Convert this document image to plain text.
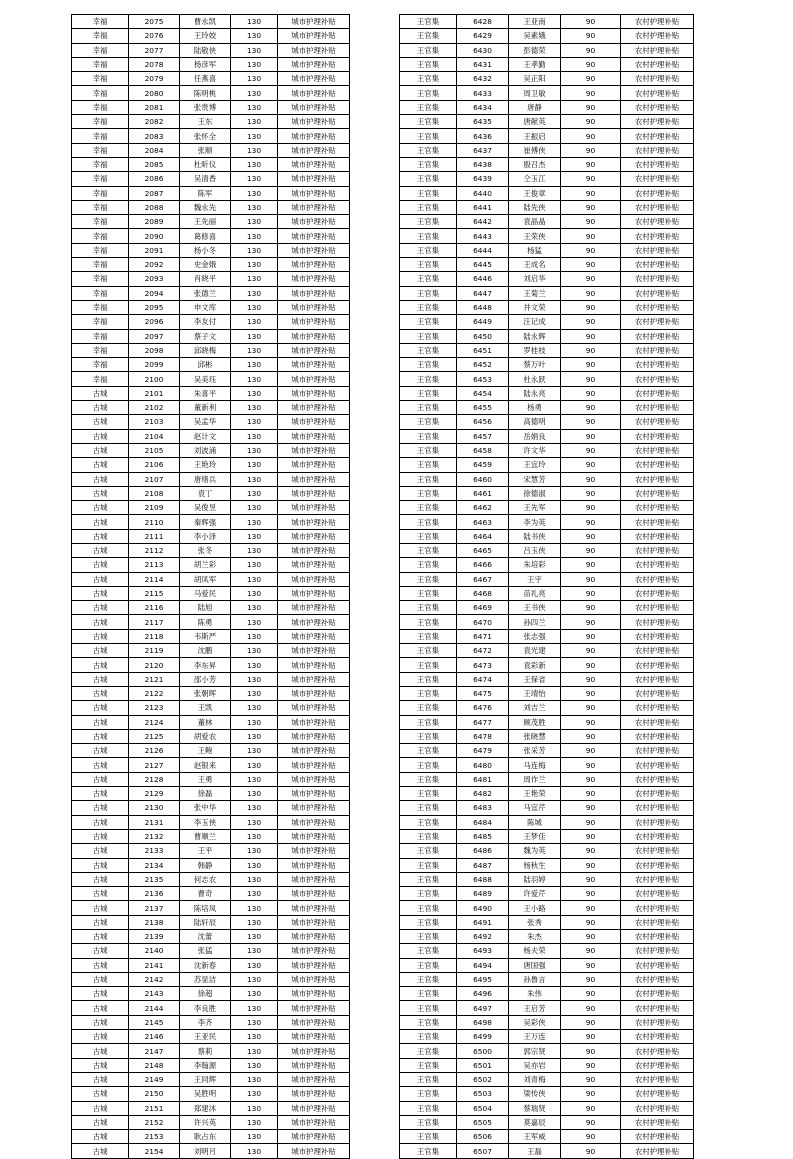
幸福	2075	曹永凯	130	城市护理补贴
幸福	2076	王玲姣	130	城市护理补贴
幸福	2077	陆敬侠	130	城市护理补贴
幸福	2078	杨彦军	130	城市护理补贴
幸福	2079	任燕喜	130	城市护理补贴
幸福	2080	陈明桃	130	城市护理补贴
幸福	2081	张贵博	130	城市护理补贴
幸福	2082	王东	130	城市护理补贴
幸福	2083	张怀全	130	城市护理补贴
幸福	2084	张顺	130	城市护理补贴
幸福	2085	杜昕仪	130	城市护理补贴
幸福	2086	吴清香	130	城市护理补贴
幸福	2087	陈军	130	城市护理补贴
幸福	2088	魏永先	130	城市护理补贴
幸福	2089	王先丽	130	城市护理补贴
幸福	2090	葛修喜	130	城市护理补贴
幸福	2091	杨小冬	130	城市护理补贴
幸福	2092	史金娥	130	城市护理补贴
幸福	2093	肖晓平	130	城市护理补贴
幸福	2094	张德兰	130	城市护理补贴
幸福	2095	申文库	130	城市护理补贴
幸福	2096	李友付	130	城市护理补贴
幸福	2097	蔡子文	130	城市护理补贴
幸福	2098	邱晓梅	130	城市护理补贴
幸福	2099	邱彬	130	城市护理补贴
幸福	2100	吴美珏	130	城市护理补贴
古城	2101	朱喜平	130	城市护理补贴
古城	2102	董新利	130	城市护理补贴
古城	2103	吴孟华	130	城市护理补贴
古城	2104	赵计文	130	城市护理补贴
古城	2105	刘波涌	130	城市护理补贴
古城	2106	王艳玲	130	城市护理补贴
古城	2107	唐绪兵	130	城市护理补贴
古城	2108	袁丁	130	城市护理补贴
古城	2109	吴俊昱	130	城市护理补贴
古城	2110	秦辉强	130	城市护理补贴
古城	2111	李小泽	130	城市护理补贴
古城	2112	张冬	130	城市护理补贴
古城	2113	胡兰彩	130	城市护理补贴
古城	2114	胡凤军	130	城市护理补贴
古城	2115	马爱民	130	城市护理补贴
古城	2116	陆旭	130	城市护理补贴
古城	2117	陈勇	130	城市护理补贴
古城	2118	韦斯严	130	城市护理补贴
古城	2119	沈鹏	130	城市护理补贴
古城	2120	李东昇	130	城市护理补贴
古城	2121	邵小芳	130	城市护理补贴
古城	2122	张朝晖	130	城市护理补贴
古城	2123	王凯	130	城市护理补贴
古城	2124	董林	130	城市护理补贴
古城	2125	胡爱农	130	城市护理补贴
古城	2126	王鲍	130	城市护理补贴
古城	2127	赵银来	130	城市护理补贴
古城	2128	王勇	130	城市护理补贴
古城	2129	徐磊	130	城市护理补贴
古城	2130	张中华	130	城市护理补贴
古城	2131	李玉侠	130	城市护理补贴
古城	2132	曹顺兰	130	城市护理补贴
古城	2133	王平	130	城市护理补贴
古城	2134	韩静	130	城市护理补贴
古城	2135	何志农	130	城市护理补贴
古城	2136	曹奇	130	城市护理补贴
古城	2137	陈培凤	130	城市护理补贴
古城	2138	陆轩辰	130	城市护理补贴
古城	2139	沈蕾	130	城市护理补贴
古城	2140	张猛	130	城市护理补贴
古城	2141	沈新春	130	城市护理补贴
古城	2142	苏显洁	130	城市护理补贴
古城	2143	徐超	130	城市护理补贴
古城	2144	李良胜	130	城市护理补贴
古城	2145	李齐	130	城市护理补贴
古城	2146	王亚民	130	城市护理补贴
古城	2147	蔡莉	130	城市护理补贴
古城	2148	李翰源	130	城市护理补贴
古城	2149	王同辉	130	城市护理补贴
古城	2150	吴胜明	130	城市护理补贴
古城	2151	郑建沐	130	城市护理补贴
古城	2152	许兴英	130	城市护理补贴
古城	2153	耿占东	130	城市护理补贴
古城	2154	刘明月	130	城市护理补贴
王官集	6428	王亚南	90	农村护理补贴
王官集	6429	吴素娥	90	农村护理补贴
王官集	6430	彭德荣	90	农村护理补贴
王官集	6431	王孝勤	90	农村护理补贴
王官集	6432	吴正阳	90	农村护理补贴
王官集	6433	周卫敏	90	农村护理补贴
王官集	6434	唐静	90	农村护理补贴
王官集	6435	唐献英	90	农村护理补贴
王官集	6436	王振启	90	农村护理补贴
王官集	6437	崔傅侠	90	农村护理补贴
王官集	6438	殷召杰	90	农村护理补贴
王官集	6439	仝玉江	90	农村护理补贴
王官集	6440	王俊章	90	农村护理补贴
王官集	6441	陆先侠	90	农村护理补贴
王官集	6442	袁晶晶	90	农村护理补贴
王官集	6443	王荣侠	90	农村护理补贴
王官集	6444	杨猛	90	农村护理补贴
王官集	6445	王成名	90	农村护理补贴
王官集	6446	刘启华	90	农村护理补贴
王官集	6447	王菊兰	90	农村护理补贴
王官集	6448	井文荣	90	农村护理补贴
王官集	6449	汪记成	90	农村护理补贴
王官集	6450	陆永辉	90	农村护理补贴
王官集	6451	罗桂枝	90	农村护理补贴
王官集	6452	蔡万叶	90	农村护理补贴
王官集	6453	杜永跃	90	农村护理补贴
王官集	6454	陆永亮	90	农村护理补贴
王官集	6455	杨勇	90	农村护理补贴
王官集	6456	高德明	90	农村护理补贴
王官集	6457	岳娟良	90	农村护理补贴
王官集	6458	许文华	90	农村护理补贴
王官集	6459	王宜玲	90	农村护理补贴
王官集	6460	宋慧芳	90	农村护理补贴
王官集	6461	徐德淑	90	农村护理补贴
王官集	6462	王先军	90	农村护理补贴
王官集	6463	李为英	90	农村护理补贴
王官集	6464	陆书侠	90	农村护理补贴
王官集	6465	吕玉侠	90	农村护理补贴
王官集	6466	朱培彩	90	农村护理补贴
王官集	6467	王宇	90	农村护理补贴
王官集	6468	苗礼亮	90	农村护理补贴
王官集	6469	王书侠	90	农村护理补贴
王官集	6470	孙四兰	90	农村护理补贴
王官集	6471	张志强	90	农村护理补贴
王官集	6472	袁光建	90	农村护理补贴
王官集	6473	袁彩新	90	农村护理补贴
王官集	6474	王保省	90	农村护理补贴
王官集	6475	王靖怡	90	农村护理补贴
王官集	6476	刘吉兰	90	农村护理补贴
王官集	6477	顾茂胜	90	农村护理补贴
王官集	6478	张晓慧	90	农村护理补贴
王官集	6479	张采芳	90	农村护理补贴
王官集	6480	马连梅	90	农村护理补贴
王官集	6481	周作兰	90	农村护理补贴
王官集	6482	王艳荣	90	农村护理补贴
王官集	6483	马宜芹	90	农村护理补贴
王官集	6484	陈城	90	农村护理补贴
王官集	6485	王梦佳	90	农村护理补贴
王官集	6486	魏为英	90	农村护理补贴
王官集	6487	杨秋生	90	农村护理补贴
王官集	6488	陆羽婷	90	农村护理补贴
王官集	6489	许爱芹	90	农村护理补贴
王官集	6490	王小路	90	农村护理补贴
王官集	6491	张秀	90	农村护理补贴
王官集	6492	朱杰	90	农村护理补贴
王官集	6493	杨夫荣	90	农村护理补贴
王官集	6494	唐国强	90	农村护理补贴
王官集	6495	孙鲁言	90	农村护理补贴
王官集	6496	朱伟	90	农村护理补贴
王官集	6497	王启芳	90	农村护理补贴
王官集	6498	吴彩侠	90	农村护理补贴
王官集	6499	王万连	90	农村护理补贴
王官集	6500	郭宗贤	90	农村护理补贴
王官集	6501	吴亦岩	90	农村护理补贴
王官集	6502	刘青梅	90	农村护理补贴
王官集	6503	梁传侠	90	农村护理补贴
王官集	6504	蔡瑞贤	90	农村护理补贴
王官集	6505	莫嘉辰	90	农村护理补贴
王官集	6506	王军威	90	农村护理补贴
王官集	6507	王磊	90	农村护理补贴
